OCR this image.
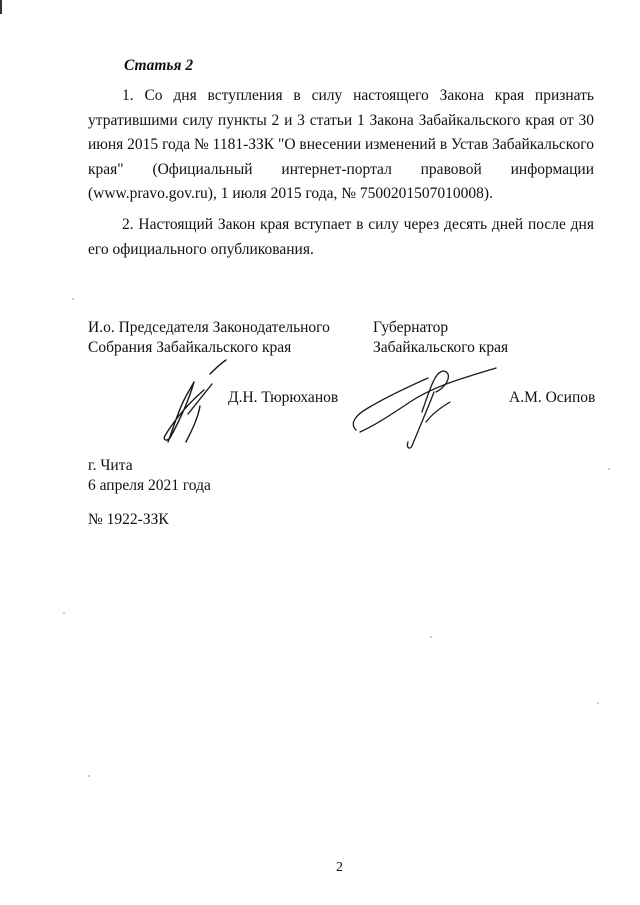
Статья 2
1. Со дня вступления в силу настоящего Закона края признать утратившими силу пункты 2 и 3 статьи 1 Закона Забайкальского края от 30 июня 2015 года № 1181-ЗЗК "О внесении изменений в Устав Забайкальского края" (Официальный интернет-портал правовой информации (www.pravo.gov.ru), 1 июля 2015 года, № 7500201507010008).
2. Настоящий Закон края вступает в силу через десять дней после дня его официального опубликования.
И.о. Председателя Законодательного
Собрания Забайкальского края
Д.Н. Тюрюханов
Губернатор
Забайкальского края
А.М. Осипов
г. Чита
6 апреля 2021 года
№ 1922-ЗЗК
2
